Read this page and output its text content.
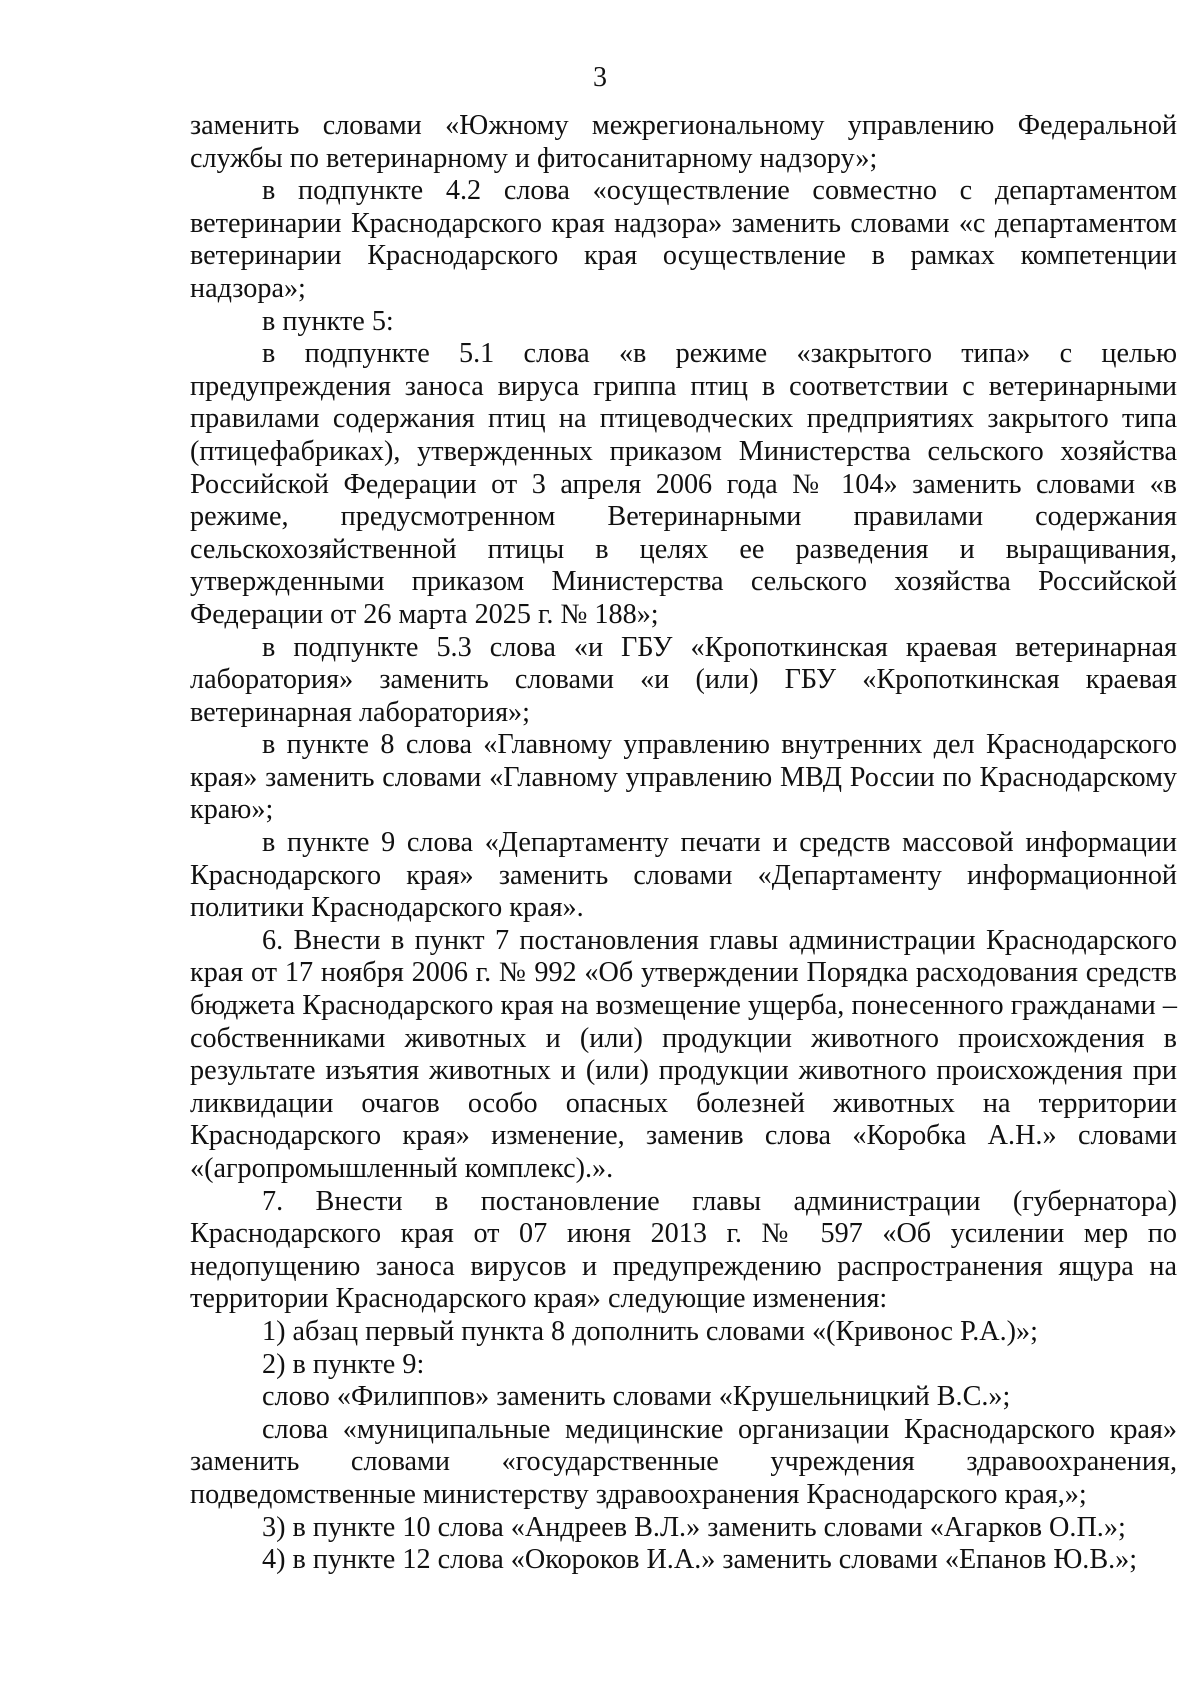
3

заменить словами «Южному межрегиональному управлению Федеральной службы по ветеринарному и фитосанитарному надзору»;

в подпункте 4.2 слова «осуществление совместно с департаментом ветеринарии Краснодарского края надзора» заменить словами «с департаментом ветеринарии Краснодарского края осуществление в рамках компетенции надзора»;

в пункте 5:

в подпункте 5.1 слова «в режиме «закрытого типа» с целью предупреждения заноса вируса гриппа птиц в соответствии с ветеринарными правилами содержания птиц на птицеводческих предприятиях закрытого типа (птицефабриках), утвержденных приказом Министерства сельского хозяйства Российской Федерации от 3 апреля 2006 года № 104» заменить словами «в режиме, предусмотренном Ветеринарными правилами содержания сельскохозяйственной птицы в целях ее разведения и выращивания, утвержденными приказом Министерства сельского хозяйства Российской Федерации от 26 марта 2025 г. № 188»;

в подпункте 5.3 слова «и ГБУ «Кропоткинская краевая ветеринарная лаборатория» заменить словами «и (или) ГБУ «Кропоткинская краевая ветеринарная лаборатория»;

в пункте 8 слова «Главному управлению внутренних дел Краснодарского края» заменить словами «Главному управлению МВД России по Краснодарскому краю»;

в пункте 9 слова «Департаменту печати и средств массовой информации Краснодарского края» заменить словами «Департаменту информационной политики Краснодарского края».

6. Внести в пункт 7 постановления главы администрации Краснодарского края от 17 ноября 2006 г. № 992 «Об утверждении Порядка расходования средств бюджета Краснодарского края на возмещение ущерба, понесенного гражданами – собственниками животных и (или) продукции животного происхождения в результате изъятия животных и (или) продукции животного происхождения при ликвидации очагов особо опасных болезней животных на территории Краснодарского края» изменение, заменив слова «Коробка А.Н.» словами «(агропромышленный комплекс).».

7. Внести в постановление главы администрации (губернатора) Краснодарского края от 07 июня 2013 г. № 597 «Об усилении мер по недопущению заноса вирусов и предупреждению распространения ящура на территории Краснодарского края» следующие изменения:

1) абзац первый пункта 8 дополнить словами «(Кривонос Р.А.)»;

2) в пункте 9:

слово «Филиппов» заменить словами «Крушельницкий В.С.»;

слова «муниципальные медицинские организации Краснодарского края» заменить словами «государственные учреждения здравоохранения, подведомственные министерству здравоохранения Краснодарского края,»;

3) в пункте 10 слова «Андреев В.Л.» заменить словами «Агарков О.П.»;

4) в пункте 12 слова «Окороков И.А.» заменить словами «Епанов Ю.В.»;
